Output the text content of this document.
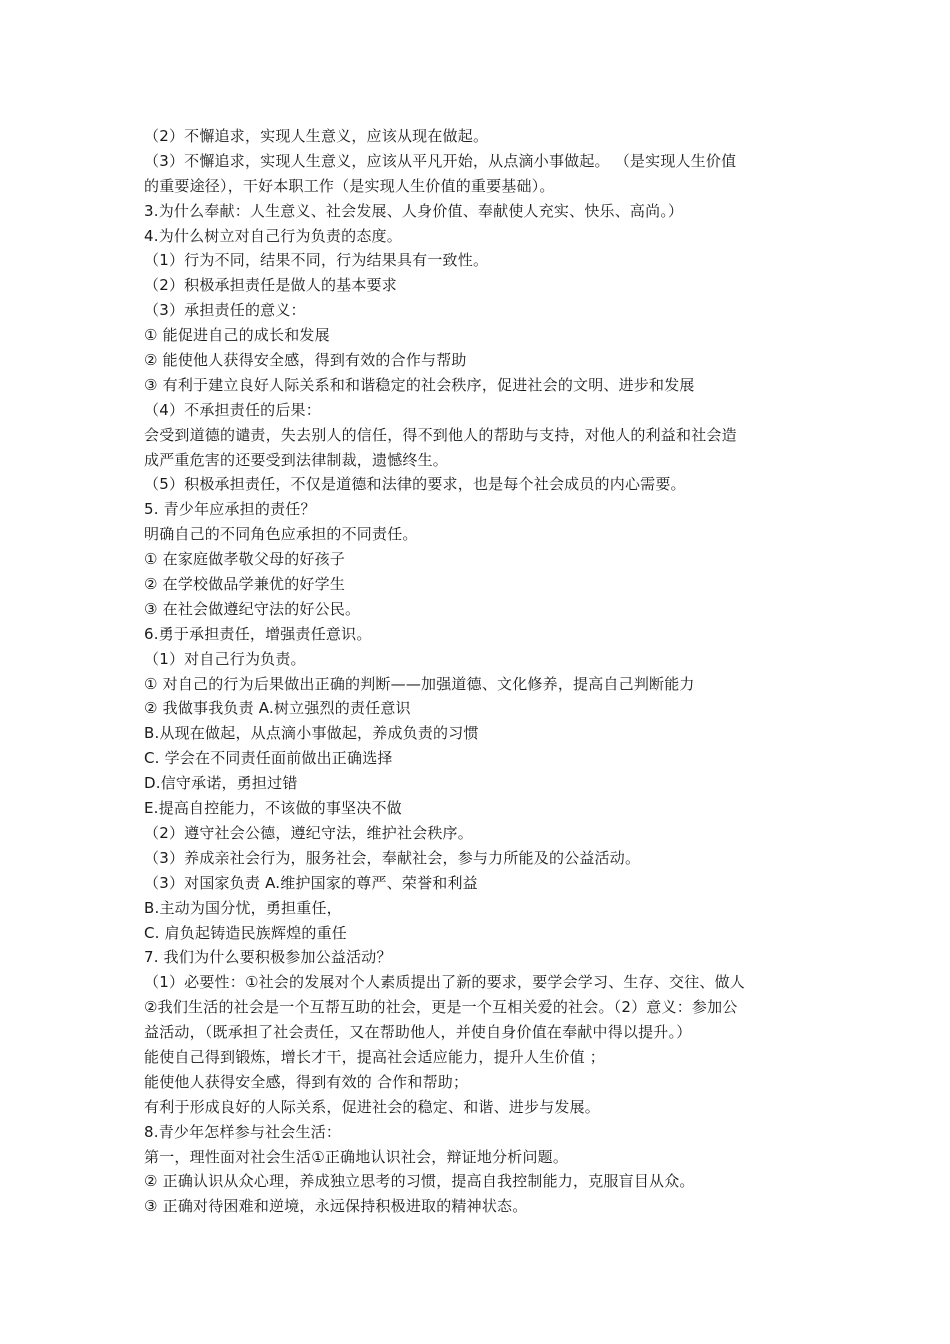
（2）不懈追求，实现人生意义，应该从现在做起。
（3）不懈追求，实现人生意义，应该从平凡开始，从点滴小事做起。 （是实现人生价值
的重要途径），干好本职工作（是实现人生价值的重要基础）。
3.为什么奉献：人生意义、社会发展、人身价值、奉献使人充实、快乐、高尚。）
4.为什么树立对自己行为负责的态度。
（1）行为不同，结果不同，行为结果具有一致性。
（2）积极承担责任是做人的基本要求
（3）承担责任的意义：
① 能促进自己的成长和发展
② 能使他人获得安全感，得到有效的合作与帮助
③ 有利于建立良好人际关系和和谐稳定的社会秩序，促进社会的文明、进步和发展
（4）不承担责任的后果：
会受到道德的谴责，失去别人的信任，得不到他人的帮助与支持，对他人的利益和社会造
成严重危害的还要受到法律制裁，遗憾终生。
（5）积极承担责任，不仅是道德和法律的要求，也是每个社会成员的内心需要。
5. 青少年应承担的责任？
明确自己的不同角色应承担的不同责任。
① 在家庭做孝敬父母的好孩子
② 在学校做品学兼优的好学生
③ 在社会做遵纪守法的好公民。
6.勇于承担责任，增强责任意识。
（1）对自己行为负责。
① 对自己的行为后果做出正确的判断——加强道德、文化修养，提高自己判断能力
② 我做事我负责 A.树立强烈的责任意识
B.从现在做起，从点滴小事做起，养成负责的习惯
C. 学会在不同责任面前做出正确选择
D.信守承诺，勇担过错
E.提高自控能力，不该做的事坚决不做
（2）遵守社会公德，遵纪守法，维护社会秩序。
（3）养成亲社会行为，服务社会，奉献社会，参与力所能及的公益活动。
（3）对国家负责 A.维护国家的尊严、荣誉和利益
B.主动为国分忧，勇担重任，
C. 肩负起铸造民族辉煌的重任
7. 我们为什么要积极参加公益活动？
（1）必要性：①社会的发展对个人素质提出了新的要求，要学会学习、生存、交往、做人
②我们生活的社会是一个互帮互助的社会，更是一个互相关爱的社会。（2）意义：参加公
益活动，（既承担了社会责任，又在帮助他人，并使自身价值在奉献中得以提升。）
能使自己得到锻炼，增长才干，提高社会适应能力，提升人生价值 ；
能使他人获得安全感，得到有效的 合作和帮助；
有利于形成良好的人际关系，促进社会的稳定、和谐、进步与发展。
8.青少年怎样参与社会生活：
第一，理性面对社会生活①正确地认识社会，辩证地分析问题。
② 正确认识从众心理，养成独立思考的习惯，提高自我控制能力，克服盲目从众。
③ 正确对待困难和逆境，永远保持积极进取的精神状态。
